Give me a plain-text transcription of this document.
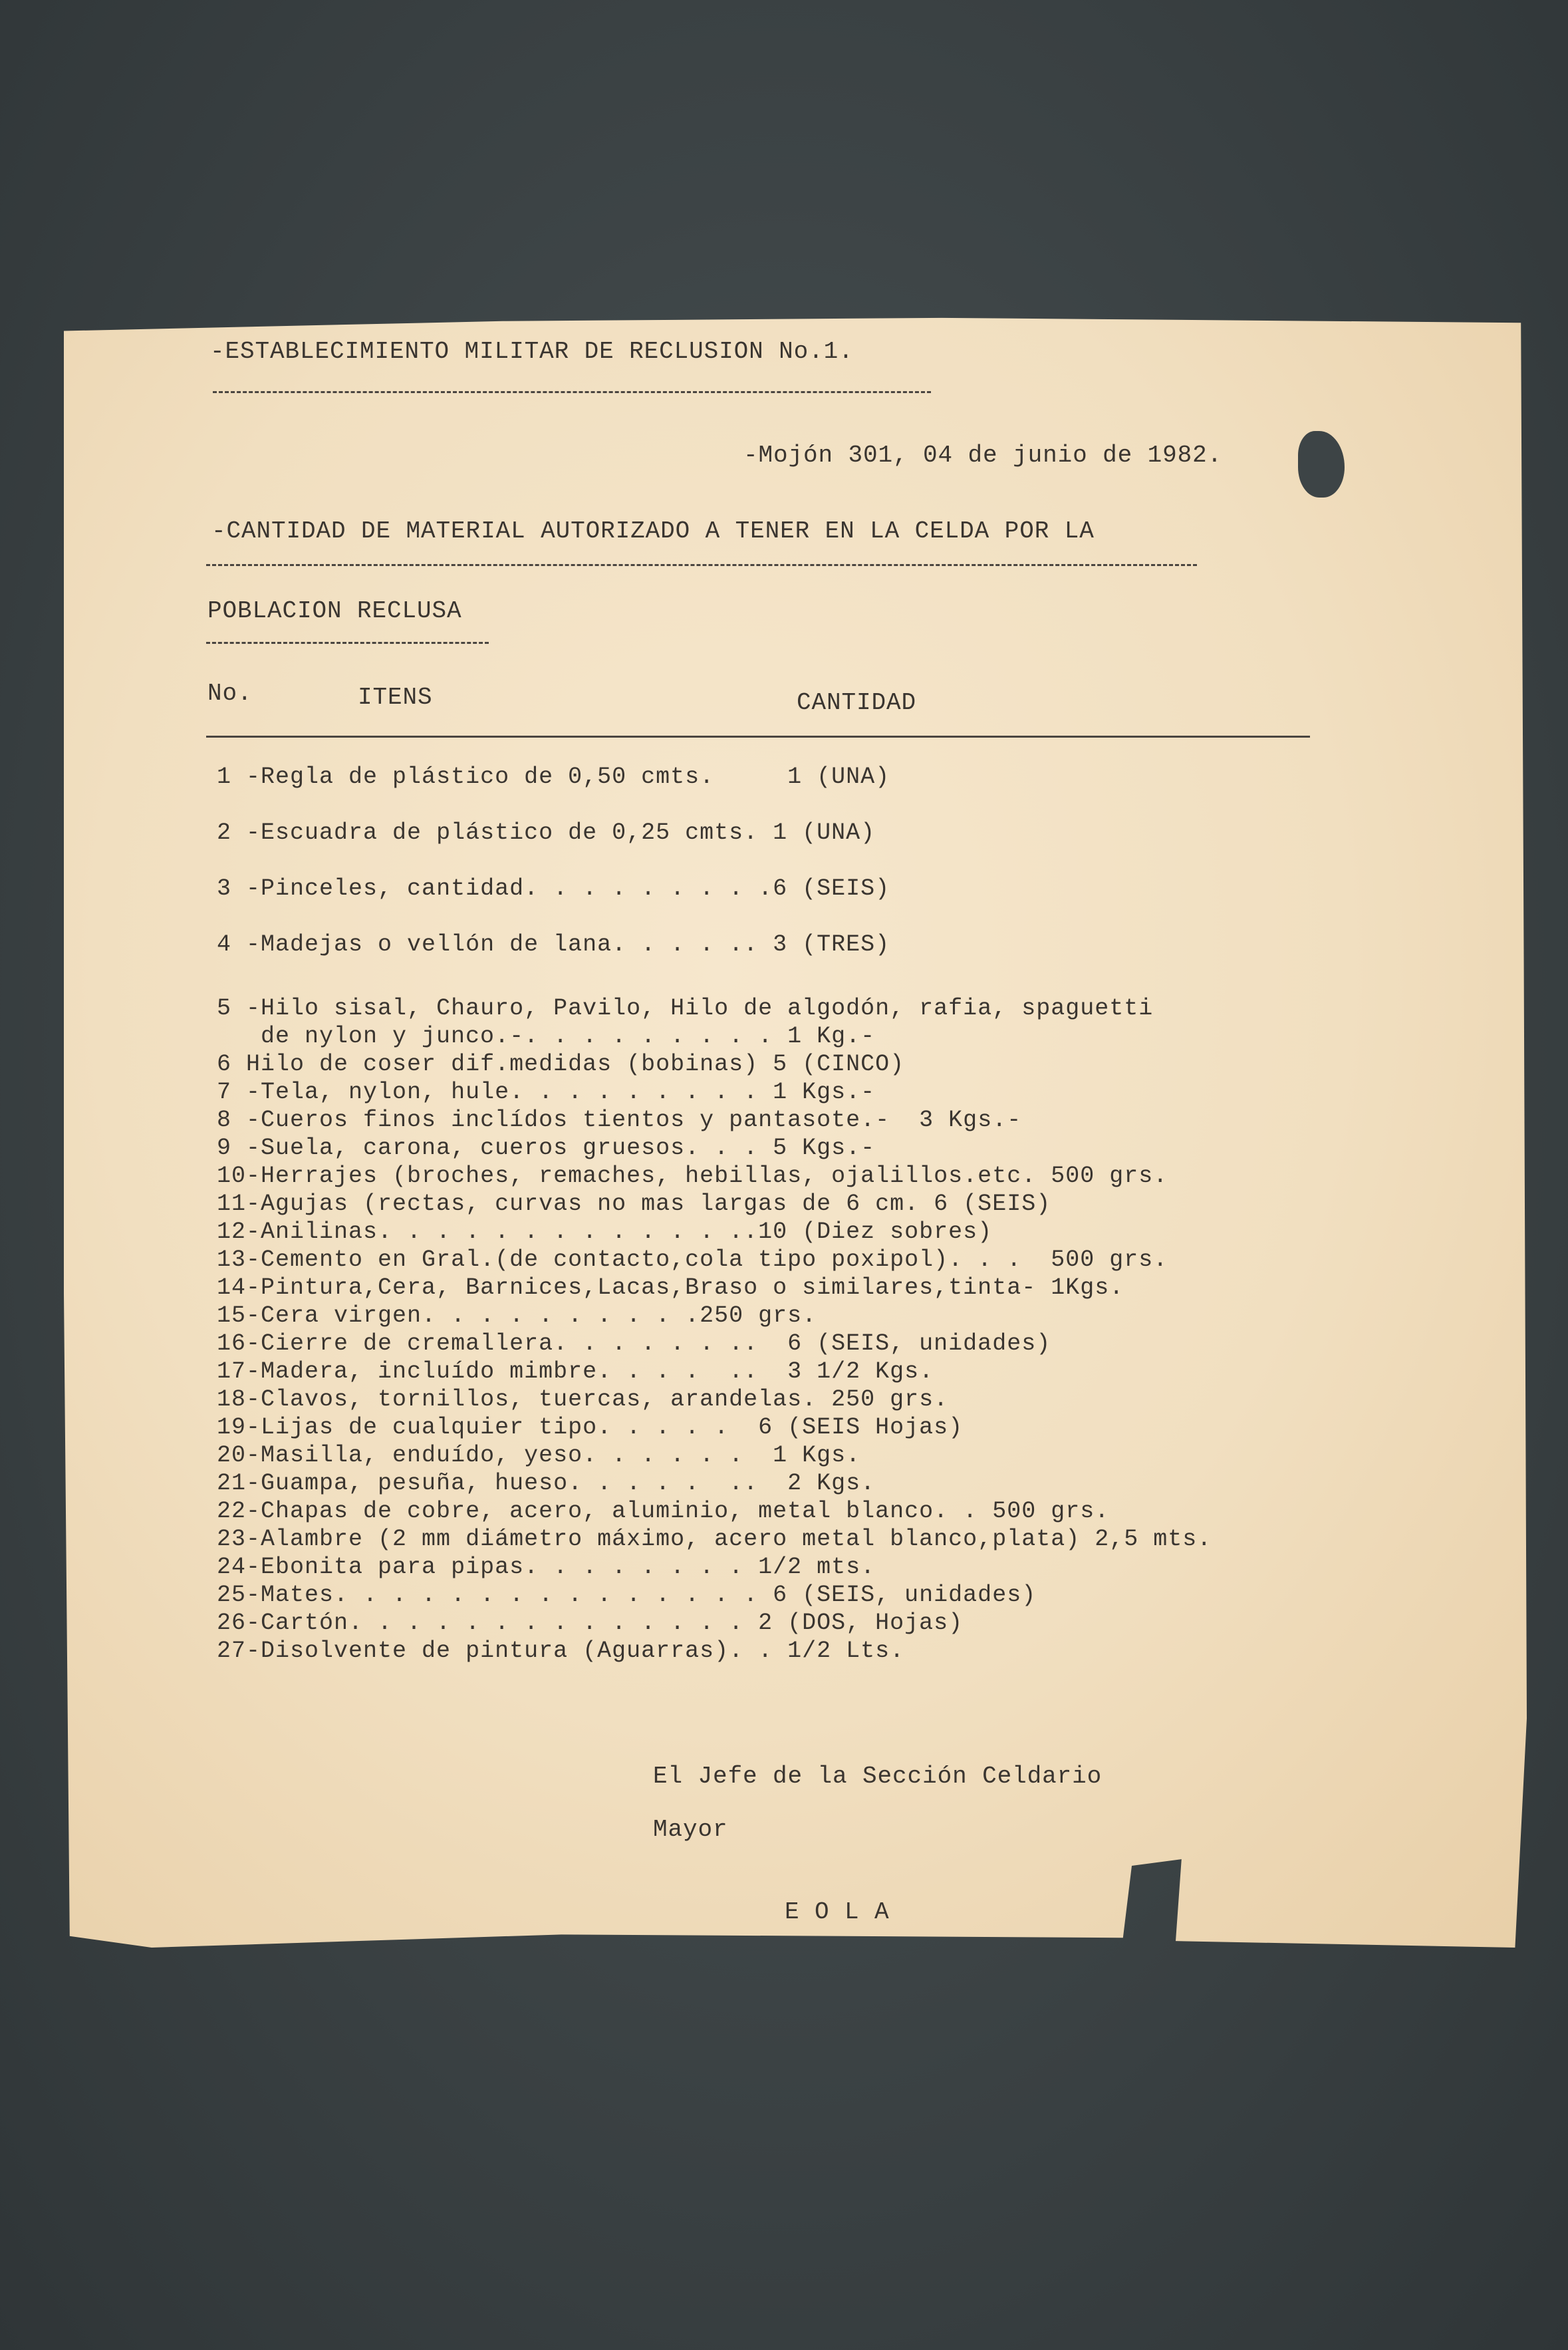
-ESTABLECIMIENTO MILITAR DE RECLUSION No.1.

-Mojón 301, 04 de junio de 1982.

-CANTIDAD DE MATERIAL AUTORIZADO A TENER EN LA CELDA POR LA

POBLACION RECLUSA

No.	ITENS	CANTIDAD

1 -Regla de plástico de 0,50 cmts.     1 (UNA)
2 -Escuadra de plástico de 0,25 cmts. 1 (UNA)
3 -Pinceles, cantidad. . . . . . . . .6 (SEIS)
4 -Madejas o vellón de lana. . . . .. 3 (TRES)
5 -Hilo sisal, Chauro, Pavilo, Hilo de algodón, rafia, spaguetti
de nylon y junco.-. . . . . . . . . 1 Kg.-
6 Hilo de coser dif.medidas (bobinas) 5 (CINCO)
7 -Tela, nylon, hule. . . . . . . . . 1 Kgs.-
8 -Cueros finos inclídos tientos y pantasote.-  3 Kgs.-
9 -Suela, carona, cueros gruesos. . . 5 Kgs.-
10-Herrajes (broches, remaches, hebillas, ojalillos.etc. 500 grs.
11-Agujas (rectas, curvas no mas largas de 6 cm. 6 (SEIS)
12-Anilinas. . . . . . . . . . . . ..10 (Diez sobres)
13-Cemento en Gral.(de contacto,cola tipo poxipol). . .  500 grs.
14-Pintura,Cera, Barnices,Lacas,Braso o similares,tinta- 1Kgs.
15-Cera virgen. . . . . . . . . .250 grs.
16-Cierre de cremallera. . . . . . ..  6 (SEIS, unidades)
17-Madera, incluído mimbre. . . .  ..  3 1/2 Kgs.
18-Clavos, tornillos, tuercas, arandelas. 250 grs.
19-Lijas de cualquier tipo. . . . .  6 (SEIS Hojas)
20-Masilla, enduído, yeso. . . . . .  1 Kgs.
21-Guampa, pesuña, hueso. . . . .  ..  2 Kgs.
22-Chapas de cobre, acero, aluminio, metal blanco. . 500 grs.
23-Alambre (2 mm diámetro máximo, acero metal blanco,plata) 2,5 mts.
24-Ebonita para pipas. . . . . . . . 1/2 mts.
25-Mates. . . . . . . . . . . . . . . 6 (SEIS, unidades)
26-Cartón. . . . . . . . . . . . . . 2 (DOS, Hojas)
27-Disolvente de pintura (Aguarras). . 1/2 Lts.

El Jefe de la Sección Celdario

Mayor

E O L A
